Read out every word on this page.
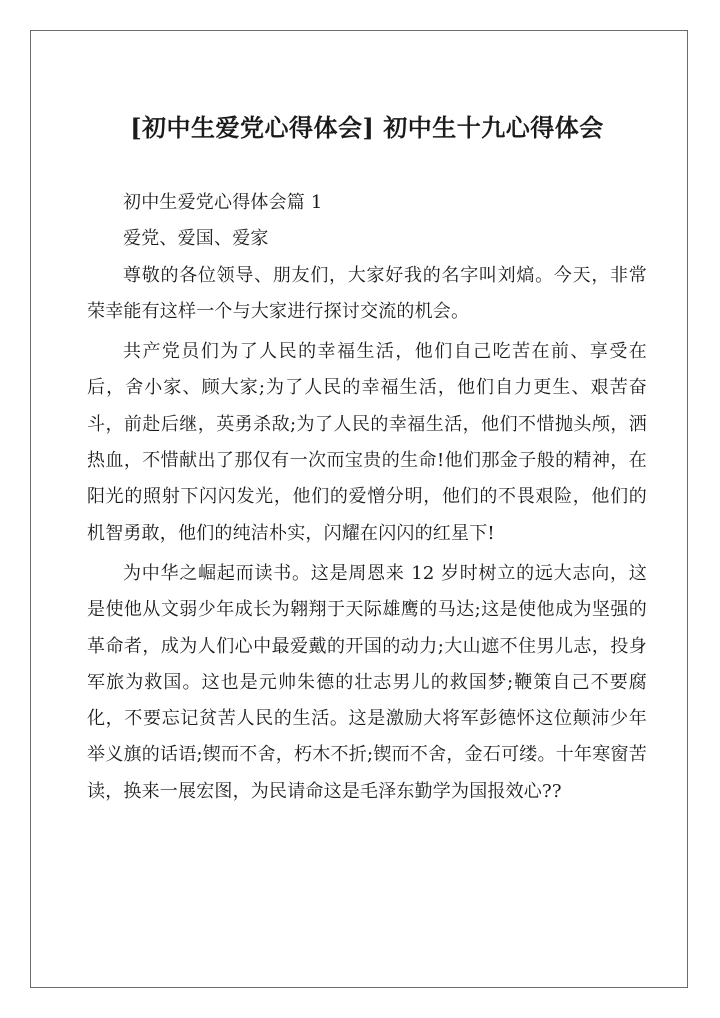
[初中生爱党心得体会] 初中生十九心得体会

初中生爱党心得体会篇 1

爱党、爱国、爱家

尊敬的各位领导、朋友们，大家好我的名字叫刘熇。今天，非常荣幸能有这样一个与大家进行探讨交流的机会。

共产党员们为了人民的幸福生活，他们自己吃苦在前、享受在后，舍小家、顾大家;为了人民的幸福生活，他们自力更生、艰苦奋斗，前赴后继，英勇杀敌;为了人民的幸福生活，他们不惜抛头颅，洒热血，不惜献出了那仅有一次而宝贵的生命!他们那金子般的精神，在阳光的照射下闪闪发光，他们的爱憎分明，他们的不畏艰险，他们的机智勇敢，他们的纯洁朴实，闪耀在闪闪的红星下!

为中华之崛起而读书。这是周恩来 12 岁时树立的远大志向，这是使他从文弱少年成长为翱翔于天际雄鹰的马达;这是使他成为坚强的革命者，成为人们心中最爱戴的开国的动力;大山遮不住男儿志，投身军旅为救国。这也是元帅朱德的壮志男儿的救国梦;鞭策自己不要腐化，不要忘记贫苦人民的生活。这是激励大将军彭德怀这位颠沛少年举义旗的话语;锲而不舍，朽木不折;锲而不舍，金石可缕。十年寒窗苦读，换来一展宏图，为民请命这是毛泽东勤学为国报效心??
